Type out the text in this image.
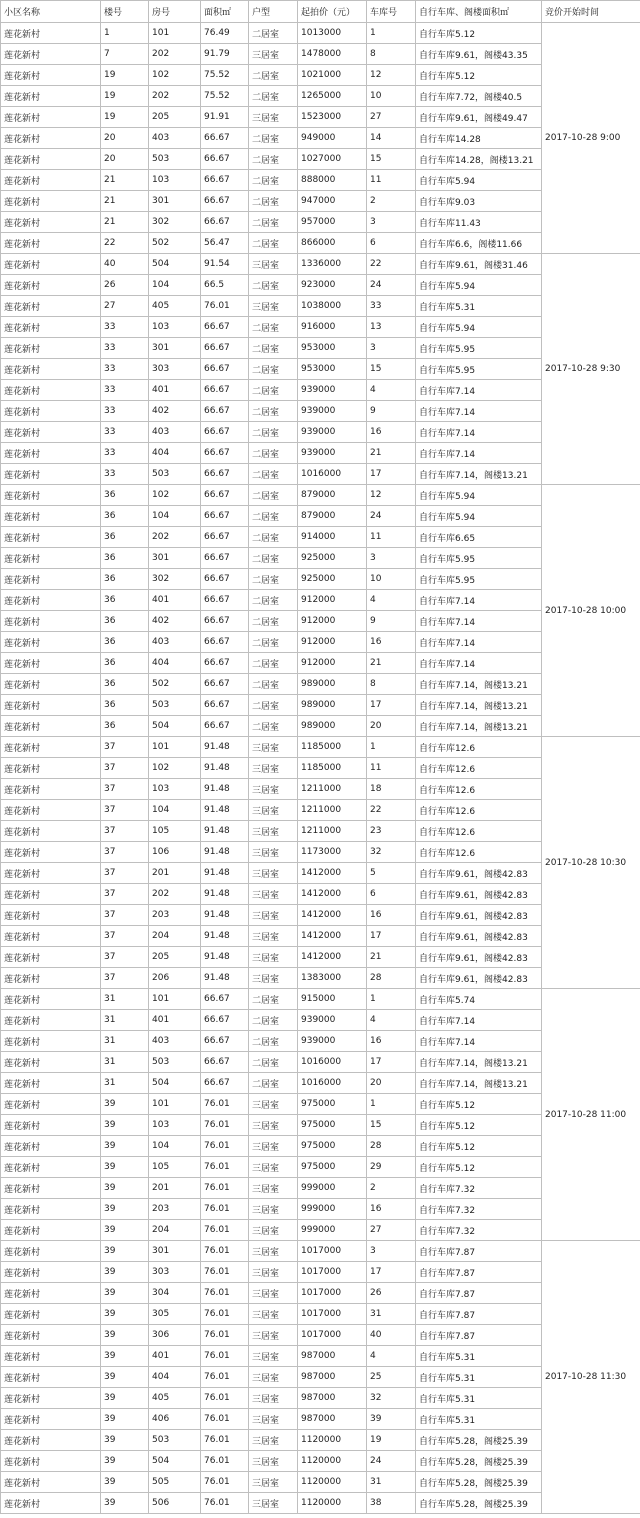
小区名称	楼号	房号	面积㎡	户型	起拍价（元）	车库号	自行车库、阁楼面积㎡	竞价开始时间
莲花新村	1	101	76.49	二居室	1013000	1	自行车库5.12	2017-10-28 9:00
莲花新村	7	202	91.79	三居室	1478000	8	自行车库9.61，阁楼43.35	
莲花新村	19	102	75.52	二居室	1021000	12	自行车库5.12	
莲花新村	19	202	75.52	二居室	1265000	10	自行车库7.72，阁楼40.5	
莲花新村	19	205	91.91	三居室	1523000	27	自行车库9.61，阁楼49.47	
莲花新村	20	403	66.67	二居室	949000	14	自行车库14.28	
莲花新村	20	503	66.67	二居室	1027000	15	自行车库14.28，阁楼13.21	
莲花新村	21	103	66.67	二居室	888000	11	自行车库5.94	
莲花新村	21	301	66.67	二居室	947000	2	自行车库9.03	
莲花新村	21	302	66.67	二居室	957000	3	自行车库11.43	
莲花新村	22	502	56.47	二居室	866000	6	自行车库6.6，阁楼11.66	
莲花新村	40	504	91.54	三居室	1336000	22	自行车库9.61，阁楼31.46	2017-10-28 9:30
莲花新村	26	104	66.5	二居室	923000	24	自行车库5.94	
莲花新村	27	405	76.01	三居室	1038000	33	自行车库5.31	
莲花新村	33	103	66.67	二居室	916000	13	自行车库5.94	
莲花新村	33	301	66.67	二居室	953000	3	自行车库5.95	
莲花新村	33	303	66.67	二居室	953000	15	自行车库5.95	
莲花新村	33	401	66.67	二居室	939000	4	自行车库7.14	
莲花新村	33	402	66.67	二居室	939000	9	自行车库7.14	
莲花新村	33	403	66.67	二居室	939000	16	自行车库7.14	
莲花新村	33	404	66.67	二居室	939000	21	自行车库7.14	
莲花新村	33	503	66.67	二居室	1016000	17	自行车库7.14，阁楼13.21	
莲花新村	36	102	66.67	二居室	879000	12	自行车库5.94	2017-10-28 10:00
莲花新村	36	104	66.67	二居室	879000	24	自行车库5.94	
莲花新村	36	202	66.67	二居室	914000	11	自行车库6.65	
莲花新村	36	301	66.67	二居室	925000	3	自行车库5.95	
莲花新村	36	302	66.67	二居室	925000	10	自行车库5.95	
莲花新村	36	401	66.67	二居室	912000	4	自行车库7.14	
莲花新村	36	402	66.67	二居室	912000	9	自行车库7.14	
莲花新村	36	403	66.67	二居室	912000	16	自行车库7.14	
莲花新村	36	404	66.67	二居室	912000	21	自行车库7.14	
莲花新村	36	502	66.67	二居室	989000	8	自行车库7.14，阁楼13.21	
莲花新村	36	503	66.67	二居室	989000	17	自行车库7.14，阁楼13.21	
莲花新村	36	504	66.67	二居室	989000	20	自行车库7.14，阁楼13.21	
莲花新村	37	101	91.48	三居室	1185000	1	自行车库12.6	2017-10-28 10:30
莲花新村	37	102	91.48	三居室	1185000	11	自行车库12.6	
莲花新村	37	103	91.48	三居室	1211000	18	自行车库12.6	
莲花新村	37	104	91.48	三居室	1211000	22	自行车库12.6	
莲花新村	37	105	91.48	三居室	1211000	23	自行车库12.6	
莲花新村	37	106	91.48	三居室	1173000	32	自行车库12.6	
莲花新村	37	201	91.48	三居室	1412000	5	自行车库9.61，阁楼42.83	
莲花新村	37	202	91.48	三居室	1412000	6	自行车库9.61，阁楼42.83	
莲花新村	37	203	91.48	三居室	1412000	16	自行车库9.61，阁楼42.83	
莲花新村	37	204	91.48	三居室	1412000	17	自行车库9.61，阁楼42.83	
莲花新村	37	205	91.48	三居室	1412000	21	自行车库9.61，阁楼42.83	
莲花新村	37	206	91.48	三居室	1383000	28	自行车库9.61，阁楼42.83	
莲花新村	31	101	66.67	二居室	915000	1	自行车库5.74	2017-10-28 11:00
莲花新村	31	401	66.67	二居室	939000	4	自行车库7.14	
莲花新村	31	403	66.67	二居室	939000	16	自行车库7.14	
莲花新村	31	503	66.67	二居室	1016000	17	自行车库7.14，阁楼13.21	
莲花新村	31	504	66.67	二居室	1016000	20	自行车库7.14，阁楼13.21	
莲花新村	39	101	76.01	三居室	975000	1	自行车库5.12	
莲花新村	39	103	76.01	三居室	975000	15	自行车库5.12	
莲花新村	39	104	76.01	三居室	975000	28	自行车库5.12	
莲花新村	39	105	76.01	三居室	975000	29	自行车库5.12	
莲花新村	39	201	76.01	三居室	999000	2	自行车库7.32	
莲花新村	39	203	76.01	三居室	999000	16	自行车库7.32	
莲花新村	39	204	76.01	三居室	999000	27	自行车库7.32	
莲花新村	39	301	76.01	三居室	1017000	3	自行车库7.87	2017-10-28 11:30
莲花新村	39	303	76.01	三居室	1017000	17	自行车库7.87	
莲花新村	39	304	76.01	三居室	1017000	26	自行车库7.87	
莲花新村	39	305	76.01	三居室	1017000	31	自行车库7.87	
莲花新村	39	306	76.01	三居室	1017000	40	自行车库7.87	
莲花新村	39	401	76.01	三居室	987000	4	自行车库5.31	
莲花新村	39	404	76.01	三居室	987000	25	自行车库5.31	
莲花新村	39	405	76.01	三居室	987000	32	自行车库5.31	
莲花新村	39	406	76.01	三居室	987000	39	自行车库5.31	
莲花新村	39	503	76.01	三居室	1120000	19	自行车库5.28，阁楼25.39	
莲花新村	39	504	76.01	三居室	1120000	24	自行车库5.28，阁楼25.39	
莲花新村	39	505	76.01	三居室	1120000	31	自行车库5.28，阁楼25.39	
莲花新村	39	506	76.01	三居室	1120000	38	自行车库5.28，阁楼25.39	
